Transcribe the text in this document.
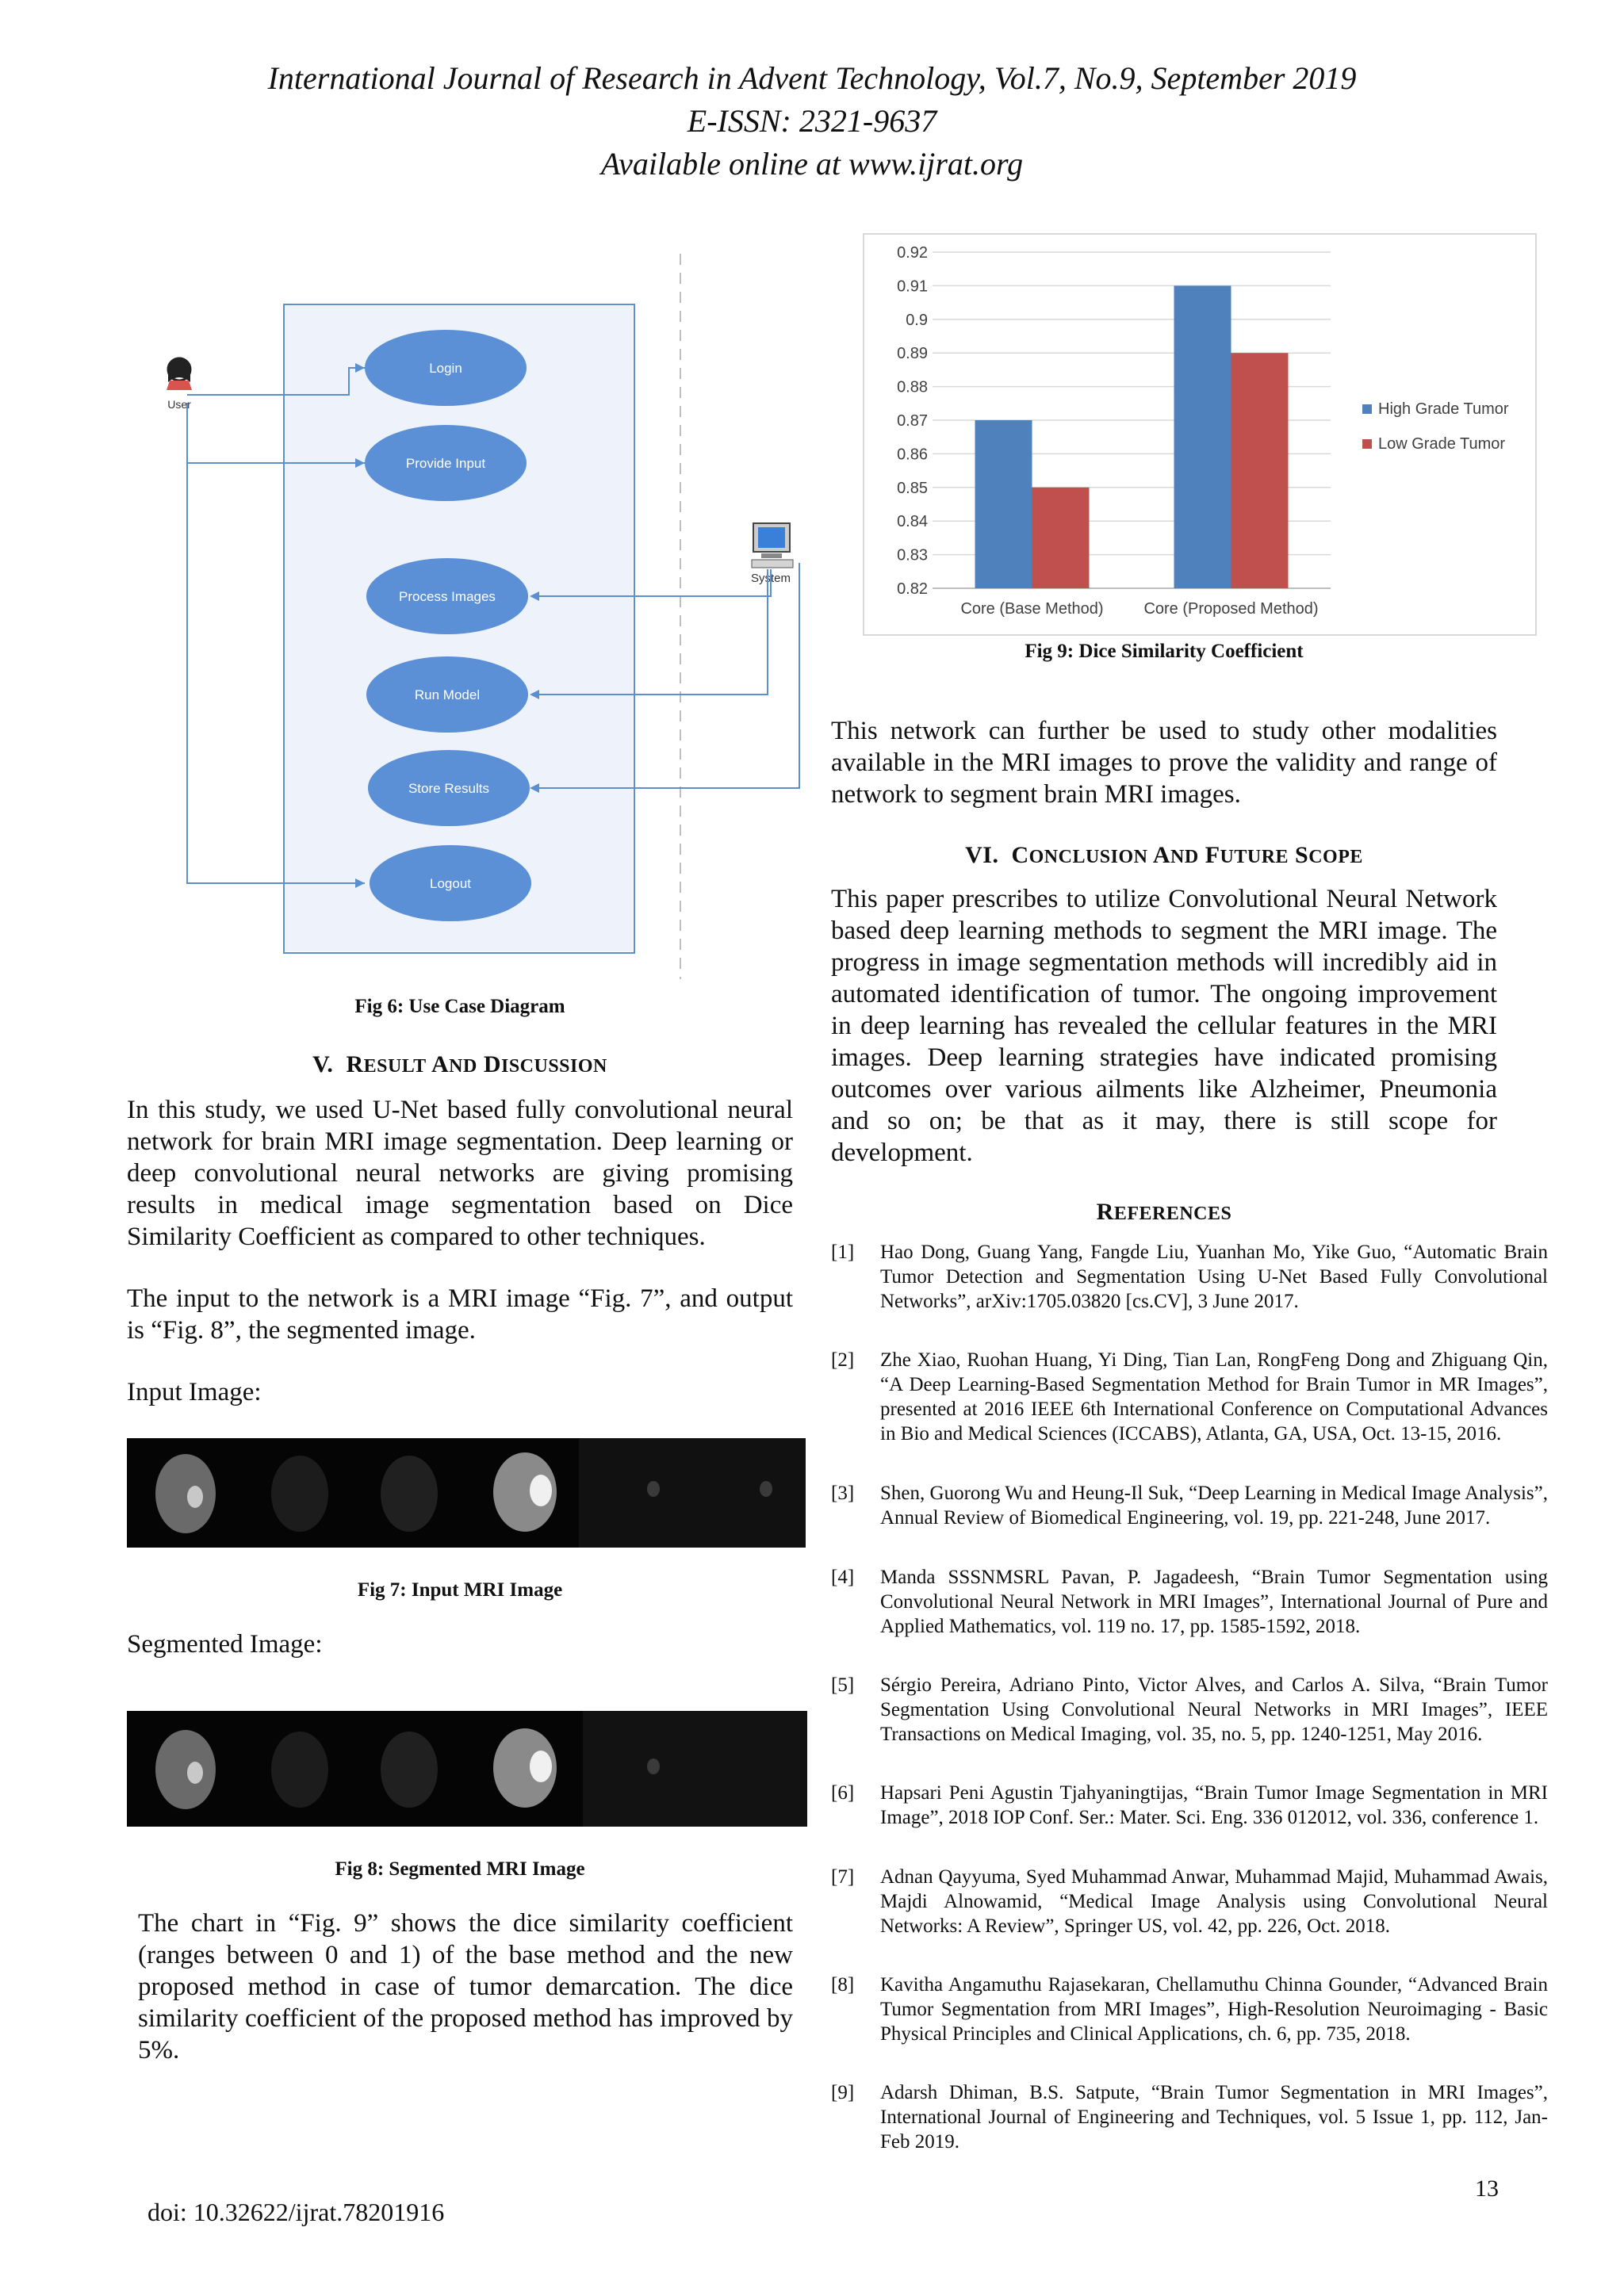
International Journal of Research in Advent Technology, Vol.7, No.9, September 2019
E-ISSN: 2321-9637
Available online at www.ijrat.org
User
System
Login
Provide Input
Process Images
Run Model
Store Results
Logout
Fig 6: Use Case Diagram
V. RESULT AND DISCUSSION
In this study, we used U-Net based fully convolutional neural network for brain MRI image segmentation. Deep learning or deep convolutional neural networks are giving promising results in medical image segmentation based on Dice Similarity Coefficient as compared to other techniques.
The input to the network is a MRI image “Fig. 7”, and output is “Fig. 8”, the segmented image.
Input Image:
Fig 7: Input MRI Image
Segmented Image:
Fig 8: Segmented MRI Image
The chart in “Fig. 9” shows the dice similarity coefficient (ranges between 0 and 1) of the base method and the new proposed method in case of tumor demarcation. The dice similarity coefficient of the proposed method has improved by 5%.
0.82
0.83
0.84
0.85
0.86
0.87
0.88
0.89
0.9
0.91
0.92
Core (Base Method)	Core (Proposed Method)
High Grade Tumor
Low Grade Tumor
Fig 9: Dice Similarity Coefficient
This network can further be used to study other modalities available in the MRI images to prove the validity and range of network to segment brain MRI images.
VI. CONCLUSION AND FUTURE SCOPE
This paper prescribes to utilize Convolutional Neural Network based deep learning methods to segment the MRI image. The progress in image segmentation methods will incredibly aid in automated identification of tumor. The ongoing improvement in deep learning has revealed the cellular features in the MRI images. Deep learning strategies have indicated promising outcomes over various ailments like Alzheimer, Pneumonia and so on; be that as it may, there is still scope for development.
REFERENCES
[1] Hao Dong, Guang Yang, Fangde Liu, Yuanhan Mo, Yike Guo, “Automatic Brain Tumor Detection and Segmentation Using U-Net Based Fully Convolutional Networks”, arXiv:1705.03820 [cs.CV], 3 June 2017.
[2] Zhe Xiao, Ruohan Huang, Yi Ding, Tian Lan, RongFeng Dong and Zhiguang Qin, “A Deep Learning-Based Segmentation Method for Brain Tumor in MR Images”, presented at 2016 IEEE 6th International Conference on Computational Advances in Bio and Medical Sciences (ICCABS), Atlanta, GA, USA, Oct. 13-15, 2016.
[3] Shen, Guorong Wu and Heung-Il Suk, “Deep Learning in Medical Image Analysis”, Annual Review of Biomedical Engineering, vol. 19, pp. 221-248, June 2017.
[4] Manda SSSNMSRL Pavan, P. Jagadeesh, “Brain Tumor Segmentation using Convolutional Neural Network in MRI Images”, International Journal of Pure and Applied Mathematics, vol. 119 no. 17, pp. 1585-1592, 2018.
[5] Sérgio Pereira, Adriano Pinto, Victor Alves, and Carlos A. Silva, “Brain Tumor Segmentation Using Convolutional Neural Networks in MRI Images”, IEEE Transactions on Medical Imaging, vol. 35, no. 5, pp. 1240-1251, May 2016.
[6] Hapsari Peni Agustin Tjahyaningtijas, “Brain Tumor Image Segmentation in MRI Image”, 2018 IOP Conf. Ser.: Mater. Sci. Eng. 336 012012, vol. 336, conference 1.
[7] Adnan Qayyuma, Syed Muhammad Anwar, Muhammad Majid, Muhammad Awais, Majdi Alnowamid, “Medical Image Analysis using Convolutional Neural Networks: A Review”, Springer US, vol. 42, pp. 226, Oct. 2018.
[8] Kavitha Angamuthu Rajasekaran, Chellamuthu Chinna Gounder, “Advanced Brain Tumor Segmentation from MRI Images”, High-Resolution Neuroimaging - Basic Physical Principles and Clinical Applications, ch. 6, pp. 735, 2018.
[9] Adarsh Dhiman, B.S. Satpute, “Brain Tumor Segmentation in MRI Images”, International Journal of Engineering and Techniques, vol. 5 Issue 1, pp. 112, Jan-Feb 2019.
13
doi: 10.32622/ijrat.78201916
